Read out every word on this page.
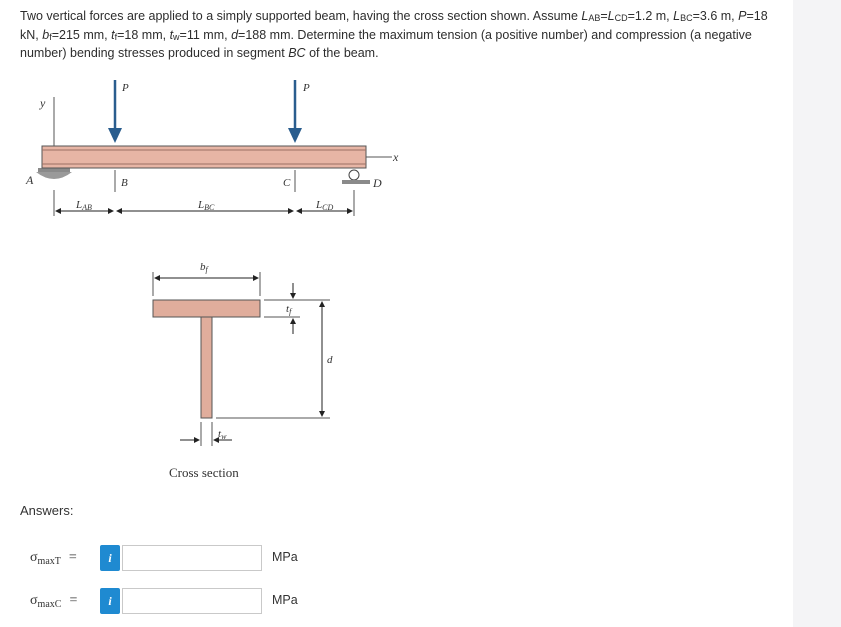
Two vertical forces are applied to a simply supported beam, having the cross section shown. Assume $L_{AB}=L_{CD}=1.2$ m, $L_{BC}=3.6$ m, P=18 kN, $b_f=215$ mm, $t_f=18$ mm, $t_w=11$ mm, d=188 mm. Determine the maximum tension (a positive number) and compression (a negative number) bending stresses produced in segment BC of the beam.
y
x
A	D
P	P
B	C
LAB	LBC	LCD
bf
tf
d
tw
Cross section
Answers:
$\sigma_{maxT}$ =	i	MPa
$\sigma_{maxC}$ =	i	MPa
